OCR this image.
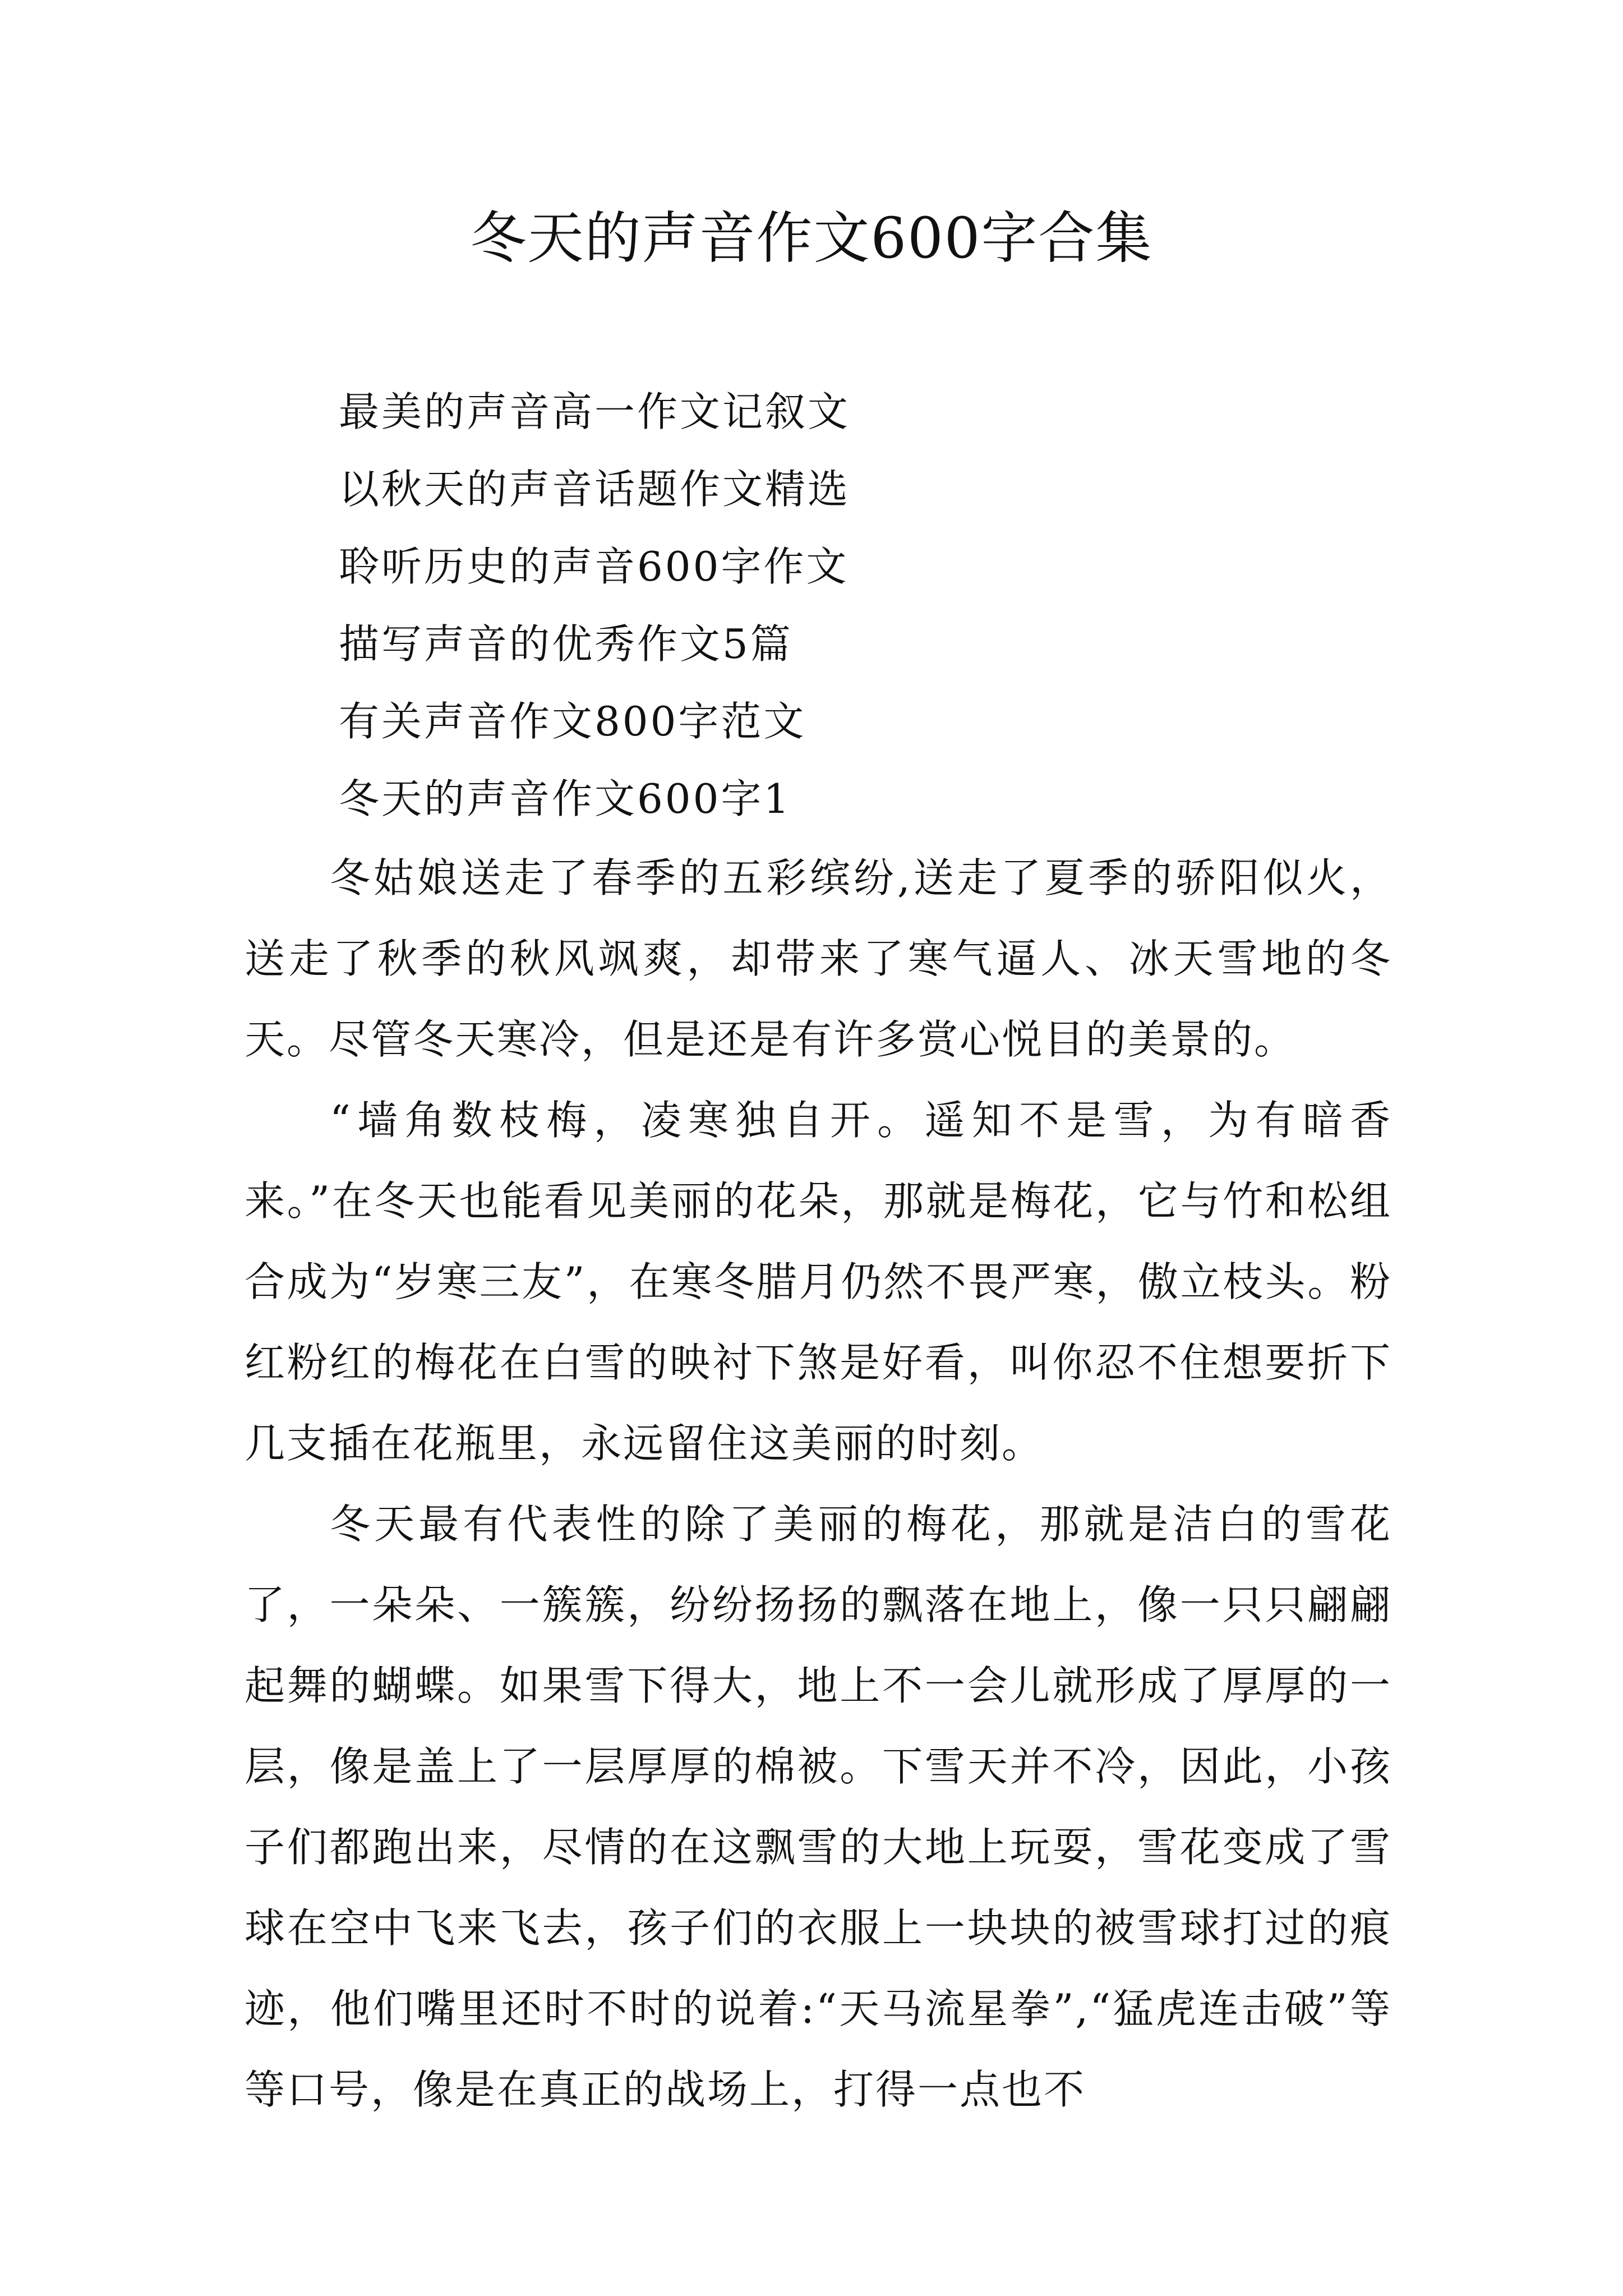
冬天的声音作文600字合集
最美的声音高一作文记叙文
以秋天的声音话题作文精选
聆听历史的声音600字作文
描写声音的优秀作文5篇
有关声音作文800字范文
冬天的声音作文600字1

冬姑娘送走了春季的五彩缤纷,送走了夏季的骄阳似火，送走了秋季的秋风飒爽，却带来了寒气逼人、冰天雪地的冬天。尽管冬天寒冷，但是还是有许多赏心悦目的美景的。

“墙角数枝梅，凌寒独自开。遥知不是雪，为有暗香来。”在冬天也能看见美丽的花朵，那就是梅花，它与竹和松组合成为“岁寒三友”，在寒冬腊月仍然不畏严寒，傲立枝头。粉红粉红的梅花在白雪的映衬下煞是好看，叫你忍不住想要折下几支插在花瓶里，永远留住这美丽的时刻。

冬天最有代表性的除了美丽的梅花，那就是洁白的雪花了，一朵朵、一簇簇，纷纷扬扬的飘落在地上，像一只只翩翩起舞的蝴蝶。如果雪下得大，地上不一会儿就形成了厚厚的一层，像是盖上了一层厚厚的棉被。下雪天并不冷，因此，小孩子们都跑出来，尽情的在这飘雪的大地上玩耍，雪花变成了雪球在空中飞来飞去，孩子们的衣服上一块块的被雪球打过的痕迹，他们嘴里还时不时的说着:“天马流星拳”,“猛虎连击破”等等口号，像是在真正的战场上，打得一点也不
